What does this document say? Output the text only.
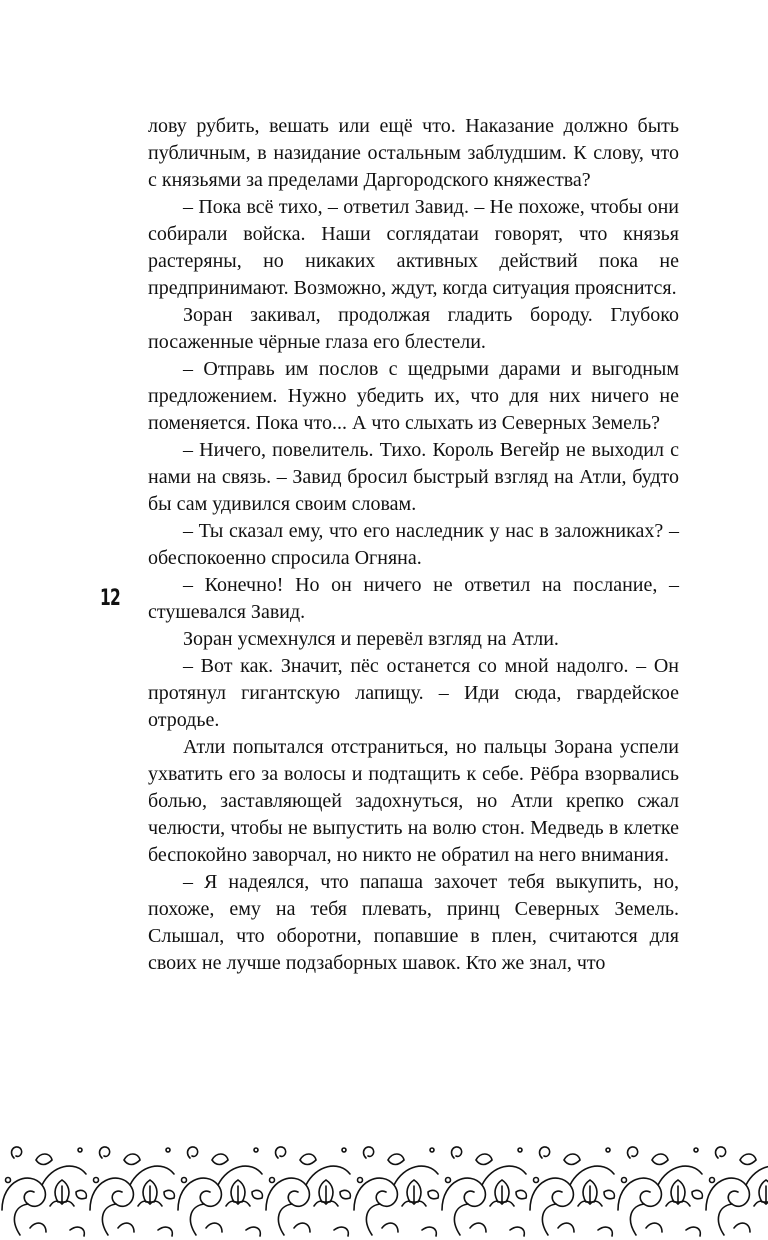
лову рубить, вешать или ещё что. Наказание должно быть публичным, в назидание остальным заблудшим. К слову, что с князьями за пределами Даргородского княжества?

– Пока всё тихо, – ответил Завид. – Не похоже, чтобы они собирали войска. Наши соглядатаи говорят, что князья растеряны, но никаких активных действий пока не предпринимают. Возможно, ждут, когда ситуация прояснится.

Зоран закивал, продолжая гладить бороду. Глубоко посаженные чёрные глаза его блестели.

– Отправь им послов с щедрыми дарами и выгодным предложением. Нужно убедить их, что для них ничего не поменяется. Пока что... А что слыхать из Северных Земель?

– Ничего, повелитель. Тихо. Король Вегейр не выходил с нами на связь. – Завид бросил быстрый взгляд на Атли, будто бы сам удивился своим словам.

– Ты сказал ему, что его наследник у нас в заложниках? – обеспокоенно спросила Огняна.

– Конечно! Но он ничего не ответил на послание, – стушевался Завид.

Зоран усмехнулся и перевёл взгляд на Атли.

– Вот как. Значит, пёс останется со мной надолго. – Он протянул гигантскую лапищу. – Иди сюда, гвардейское отродье.

Атли попытался отстраниться, но пальцы Зорана успели ухватить его за волосы и подтащить к себе. Рёбра взорвались болью, заставляющей задохнуться, но Атли крепко сжал челюсти, чтобы не выпустить на волю стон. Медведь в клетке беспокойно заворчал, но никто не обратил на него внимания.

– Я надеялся, что папаша захочет тебя выкупить, но, похоже, ему на тебя плевать, принц Северных Земель. Слышал, что оборотни, попавшие в плен, считаются для своих не лучше подзаборных шавок. Кто же знал, что

12
